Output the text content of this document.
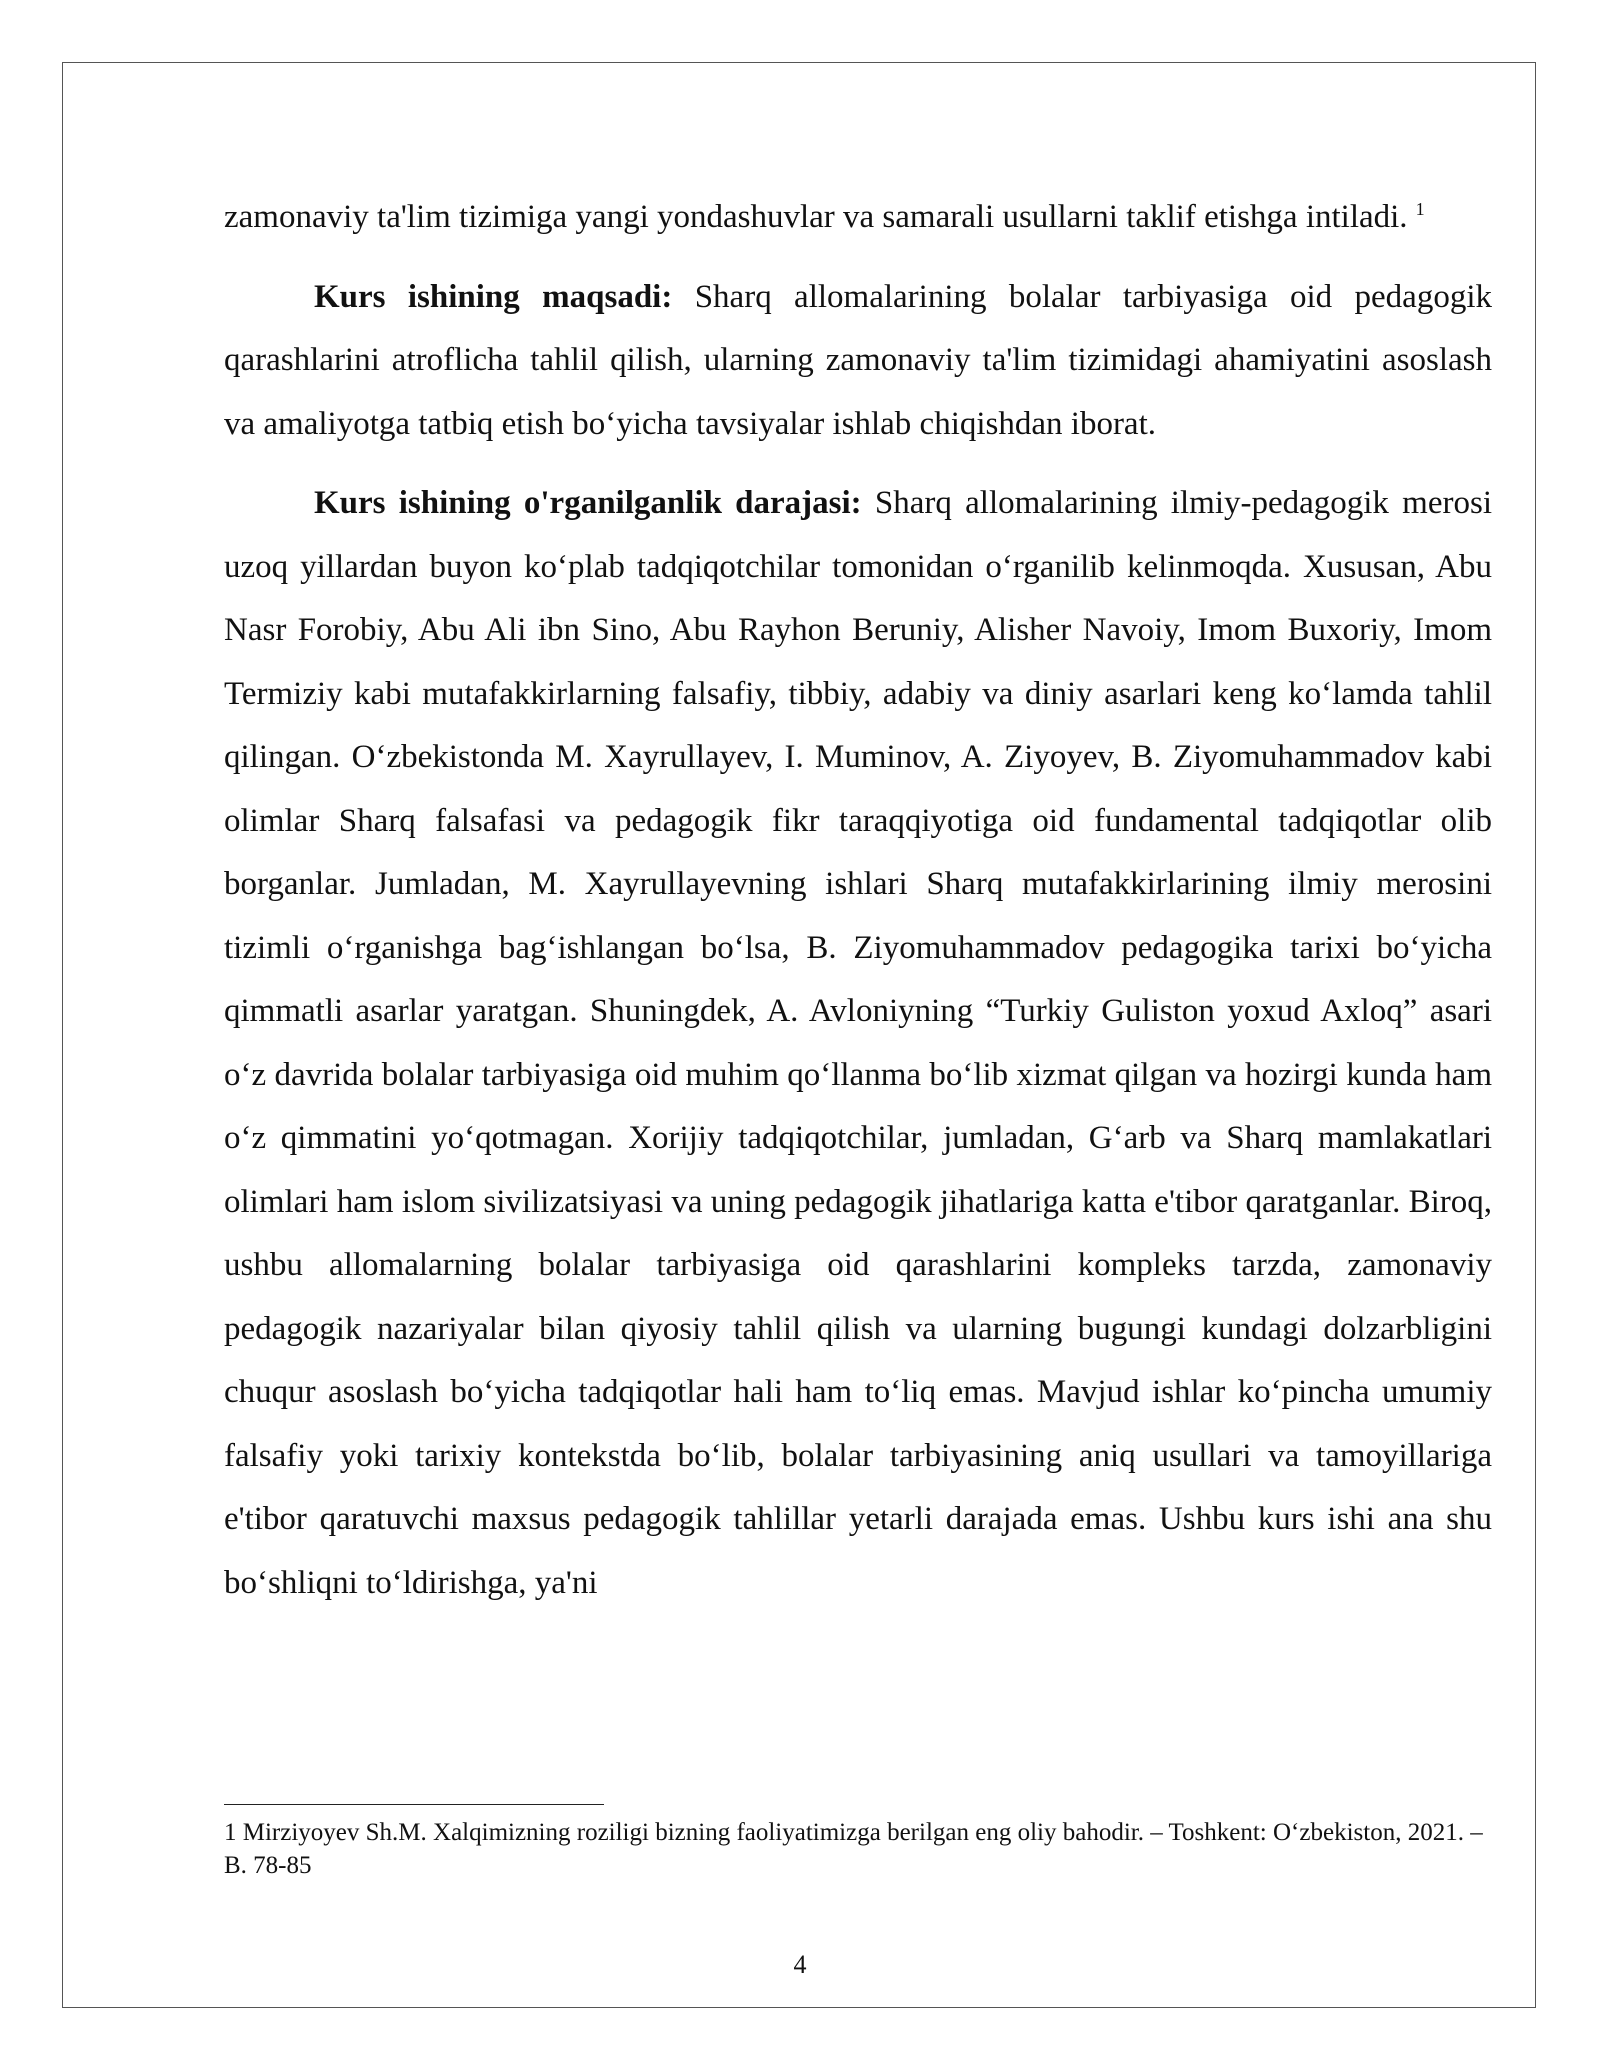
zamonaviy ta'lim tizimiga yangi yondashuvlar va samarali usullarni taklif etishga intiladi. $^1$

Kurs ishining maqsadi: Sharq allomalarining bolalar tarbiyasiga oid pedagogik qarashlarini atroflicha tahlil qilish, ularning zamonaviy ta'lim tizimidagi ahamiyatini asoslash va amaliyotga tatbiq etish bo‘yicha tavsiyalar ishlab chiqishdan iborat.

Kurs ishining o'rganilganlik darajasi: Sharq allomalarining ilmiy-pedagogik merosi uzoq yillardan buyon ko‘plab tadqiqotchilar tomonidan o‘rganilib kelinmoqda. Xususan, Abu Nasr Forobiy, Abu Ali ibn Sino, Abu Rayhon Beruniy, Alisher Navoiy, Imom Buxoriy, Imom Termiziy kabi mutafakkirlarning falsafiy, tibbiy, adabiy va diniy asarlari keng ko‘lamda tahlil qilingan. O‘zbekistonda M. Xayrullayev, I. Muminov, A. Ziyoyev, B. Ziyomuhammadov kabi olimlar Sharq falsafasi va pedagogik fikr taraqqiyotiga oid fundamental tadqiqotlar olib borganlar. Jumladan, M. Xayrullayevning ishlari Sharq mutafakkirlarining ilmiy merosini tizimli o‘rganishga bag‘ishlangan bo‘lsa, B. Ziyomuhammadov pedagogika tarixi bo‘yicha qimmatli asarlar yaratgan. Shuningdek, A. Avloniyning “Turkiy Guliston yoxud Axloq” asari o‘z davrida bolalar tarbiyasiga oid muhim qo‘llanma bo‘lib xizmat qilgan va hozirgi kunda ham o‘z qimmatini yo‘qotmagan. Xorijiy tadqiqotchilar, jumladan, G‘arb va Sharq mamlakatlari olimlari ham islom sivilizatsiyasi va uning pedagogik jihatlariga katta e'tibor qaratganlar. Biroq, ushbu allomalarning bolalar tarbiyasiga oid qarashlarini kompleks tarzda, zamonaviy pedagogik nazariyalar bilan qiyosiy tahlil qilish va ularning bugungi kundagi dolzarbligini chuqur asoslash bo‘yicha tadqiqotlar hali ham to‘liq emas. Mavjud ishlar ko‘pincha umumiy falsafiy yoki tarixiy kontekstda bo‘lib, bolalar tarbiyasining aniq usullari va tamoyillariga e'tibor qaratuvchi maxsus pedagogik tahlillar yetarli darajada emas. Ushbu kurs ishi ana shu bo‘shliqni to‘ldirishga, ya'ni

1 Mirziyoyev Sh.M. Xalqimizning roziligi bizning faoliyatimizga berilgan eng oliy bahodir. – Toshkent: O‘zbekiston, 2021. – B. 78-85
4
